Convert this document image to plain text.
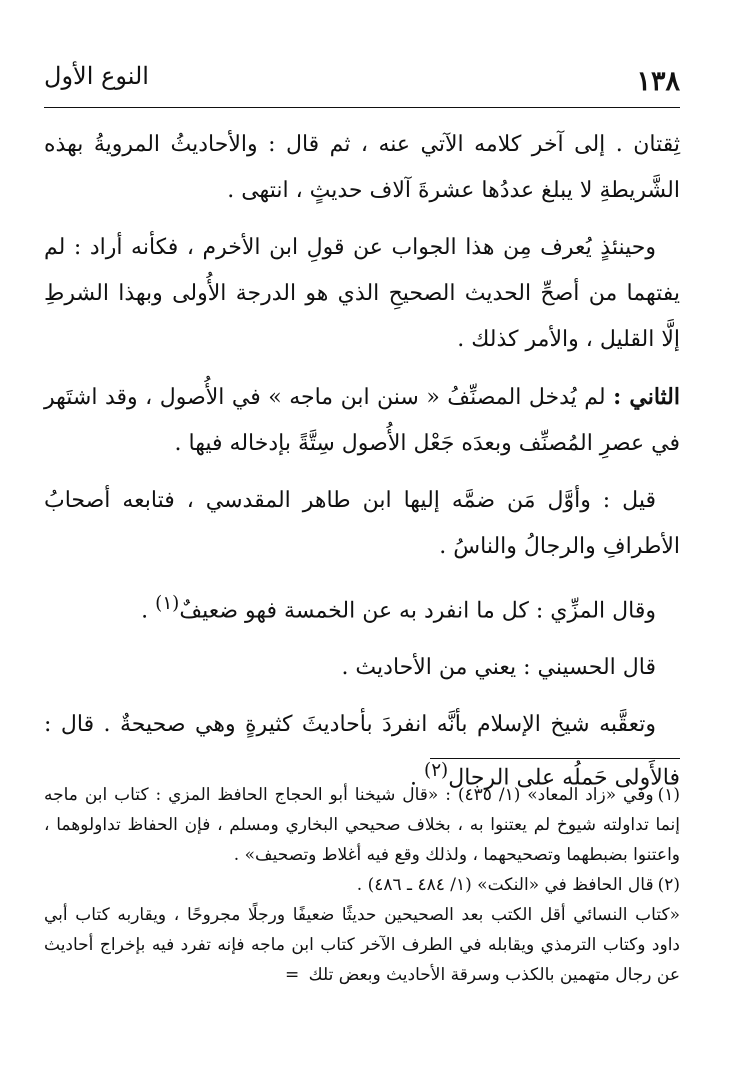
١٣٨
النوع الأول

ثِقتان . إلى آخر كلامه الآتي عنه ، ثم قال : والأحاديثُ المرويةُ بهذه الشَّريطةِ لا يبلغ عددُها عشرةَ آلاف حديثٍ ، انتهى .

وحينئذٍ يُعرف مِن هذا الجواب عن قولِ ابن الأخرم ، فكأنه أراد : لم يفتهما من أصحِّ الحديث الصحيحِ الذي هو الدرجة الأُولى وبهذا الشرطِ إلَّا القليل ، والأمر كذلك .

الثاني : لم يُدخل المصنِّفُ « سنن ابن ماجه » في الأُصول ، وقد اشتَهر في عصرِ المُصنِّف وبعدَه جَعْل الأُصول سِتَّةً بإدخاله فيها .

قيل : وأوَّل مَن ضمَّه إليها ابن طاهر المقدسي ، فتابعه أصحابُ الأطرافِ والرجالُ والناسُ .

وقال المزِّي : كل ما انفرد به عن الخمسة فهو ضعيفٌ$^{(١)}$ .

قال الحسيني : يعني من الأحاديث .

وتعقَّبه شيخ الإسلام بأنَّه انفردَ بأحاديثَ كثيرةٍ وهي صحيحةٌ . قال : فالأَولى حَملُه على الرجال$^{(٢)}$ .

(١)وفي «زاد المعاد» (١/ ٤٣٥) : «قال شيخنا أبو الحجاج الحافظ المزي : كتاب ابن ماجه إنما تداولته شيوخ لم يعتنوا به ، بخلاف صحيحي البخاري ومسلم ، فإن الحفاظ تداولوهما ، واعتنوا بضبطهما وتصحيحهما ، ولذلك وقع فيه أغلاط وتصحيف» .

(٢)قال الحافظ في «النكت» (١/ ٤٨٤ ـ ٤٨٦) .

«كتاب النسائي أقل الكتب بعد الصحيحين حديثًا ضعيفًا ورجلًا مجروحًا ، ويقاربه كتاب أبي داود وكتاب الترمذي ويقابله في الطرف الآخر كتاب ابن ماجه فإنه تفرد فيه بإخراج أحاديث عن رجال متهمين بالكذب وسرقة الأحاديث وبعض تلك =
